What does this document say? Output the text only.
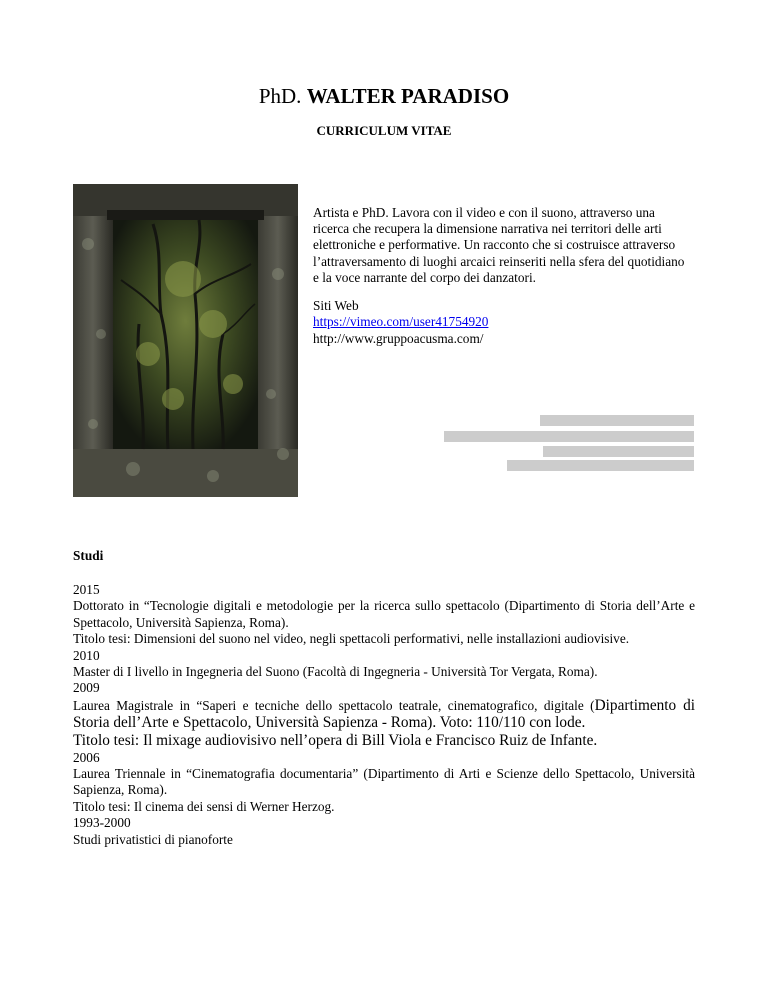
PhD. WALTER PARADISO
CURRICULUM VITAE
Artista e PhD. Lavora con il video e con il suono, attraverso una ricerca che recupera la dimensione narrativa nei territori delle arti elettroniche e performative. Un racconto che si costruisce attraverso l’attraversamento di luoghi arcaici reinseriti nella sfera del quotidiano e la voce narrante del corpo dei danzatori.
Siti Web
https://vimeo.com/user41754920
http://www.gruppoacusma.com/
Studi

2015

Dottorato in “Tecnologie digitali e metodologie per la ricerca sullo spettacolo (Dipartimento di Storia dell’Arte e Spettacolo, Università Sapienza, Roma).

Titolo tesi: Dimensioni del suono nel video, negli spettacoli performativi, nelle installazioni audiovisive.

2010

Master di I livello in Ingegneria del Suono (Facoltà di Ingegneria - Università Tor Vergata, Roma).

2009

Laurea Magistrale in “Saperi e tecniche dello spettacolo teatrale, cinematografico, digitale (Dipartimento di Storia dell’Arte e Spettacolo, Università Sapienza - Roma). Voto: 110/110 con lode.

Titolo tesi: Il mixage audiovisivo nell’opera di Bill Viola e Francisco Ruiz de Infante.

2006

Laurea Triennale in “Cinematografia documentaria” (Dipartimento di Arti e Scienze dello Spettacolo, Università Sapienza, Roma).

Titolo tesi: Il cinema dei sensi di Werner Herzog.

1993-2000

Studi privatistici di pianoforte
